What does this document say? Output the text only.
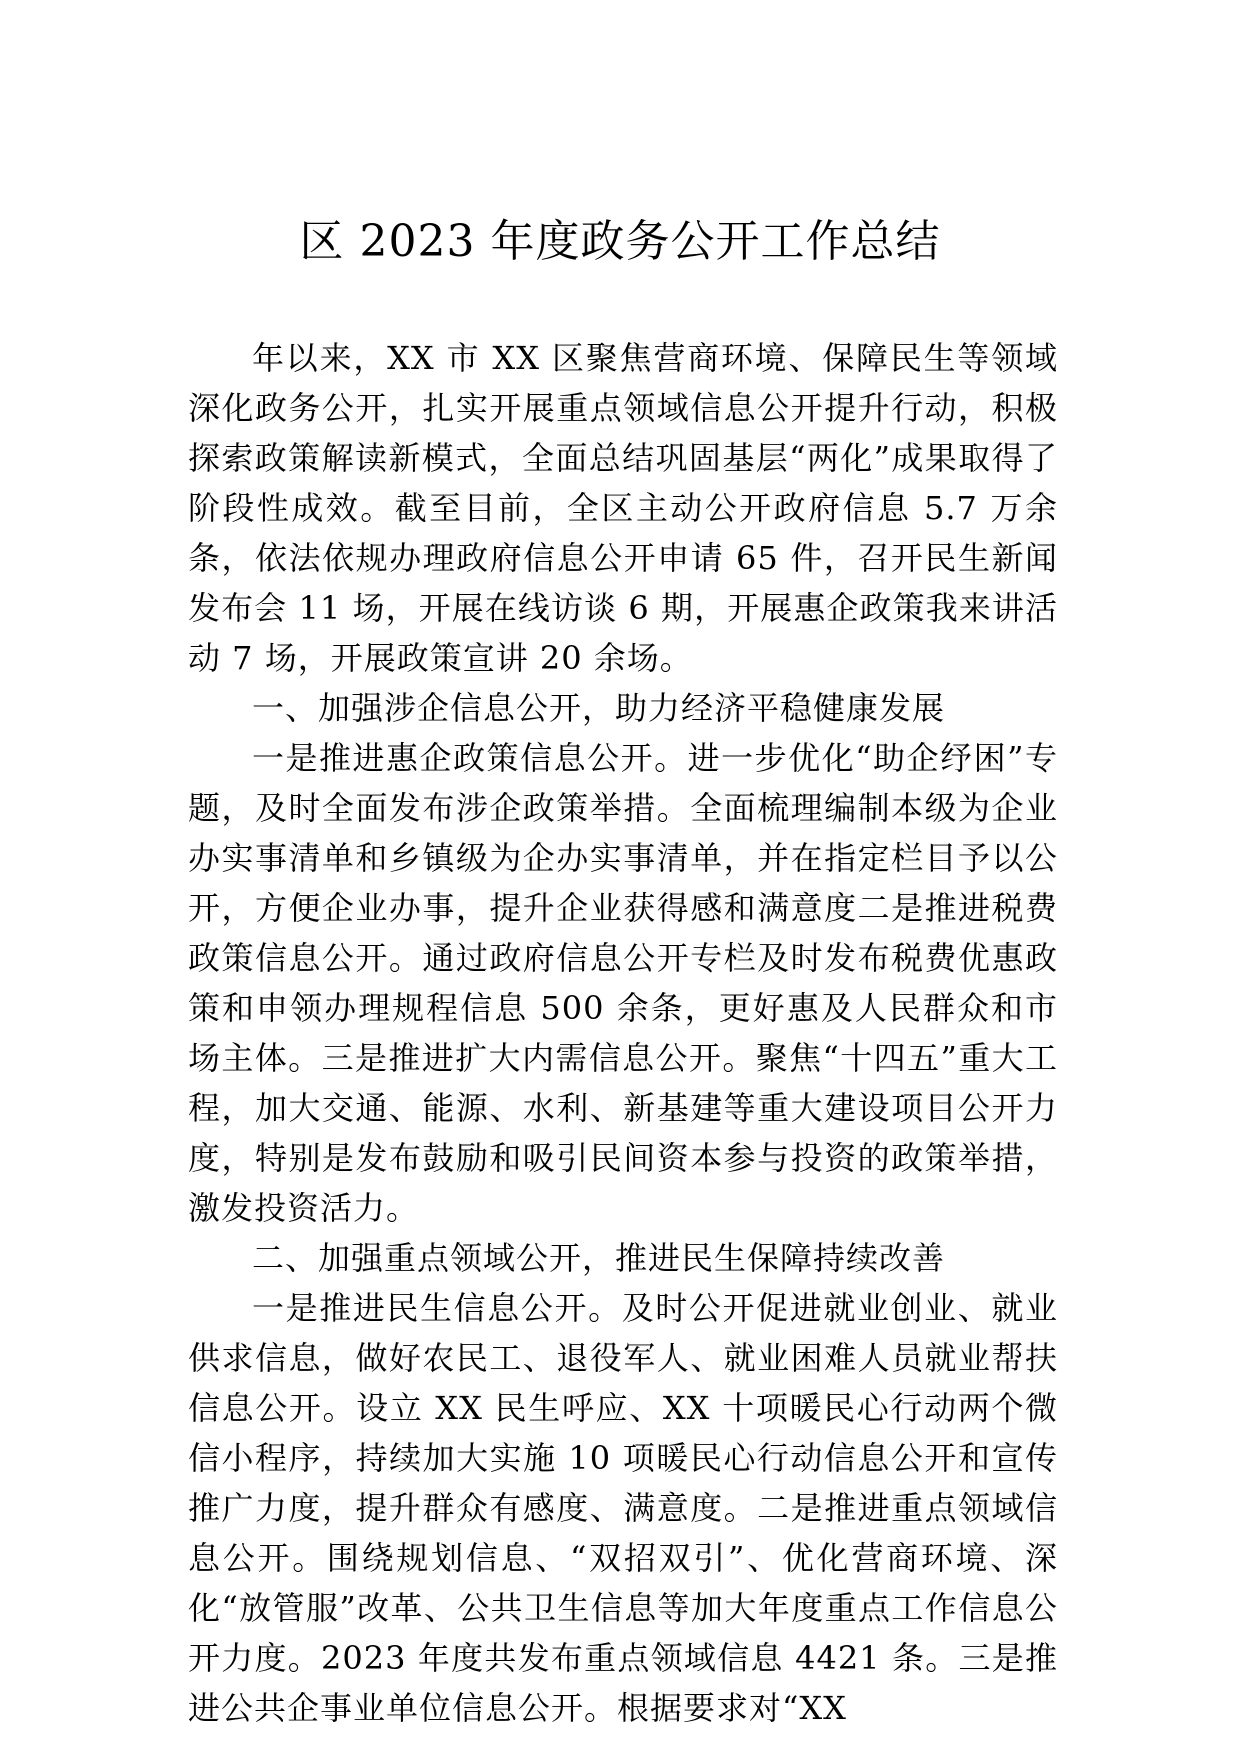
区 2023 年度政务公开工作总结

年以来，XX 市 XX 区聚焦营商环境、保障民生等领域深化政务公开，扎实开展重点领域信息公开提升行动，积极探索政策解读新模式，全面总结巩固基层“两化”成果取得了阶段性成效。截至目前，全区主动公开政府信息 5.7 万余条，依法依规办理政府信息公开申请 65 件，召开民生新闻发布会 11 场，开展在线访谈 6 期，开展惠企政策我来讲活动 7 场，开展政策宣讲 20 余场。

一、加强涉企信息公开，助力经济平稳健康发展

一是推进惠企政策信息公开。进一步优化“助企纾困”专题，及时全面发布涉企政策举措。全面梳理编制本级为企业办实事清单和乡镇级为企办实事清单，并在指定栏目予以公开，方便企业办事，提升企业获得感和满意度二是推进税费政策信息公开。通过政府信息公开专栏及时发布税费优惠政策和申领办理规程信息 500 余条，更好惠及人民群众和市场主体。三是推进扩大内需信息公开。聚焦“十四五”重大工程，加大交通、能源、水利、新基建等重大建设项目公开力度，特别是发布鼓励和吸引民间资本参与投资的政策举措，激发投资活力。

二、加强重点领域公开，推进民生保障持续改善

一是推进民生信息公开。及时公开促进就业创业、就业供求信息，做好农民工、退役军人、就业困难人员就业帮扶信息公开。设立 XX 民生呼应、XX 十项暖民心行动两个微信小程序，持续加大实施 10 项暖民心行动信息公开和宣传推广力度，提升群众有感度、满意度。二是推进重点领域信息公开。围绕规划信息、“双招双引”、优化营商环境、深化“放管服”改革、公共卫生信息等加大年度重点工作信息公开力度。2023 年度共发布重点领域信息 4421 条。三是推进公共企事业单位信息公开。根据要求对“XX
